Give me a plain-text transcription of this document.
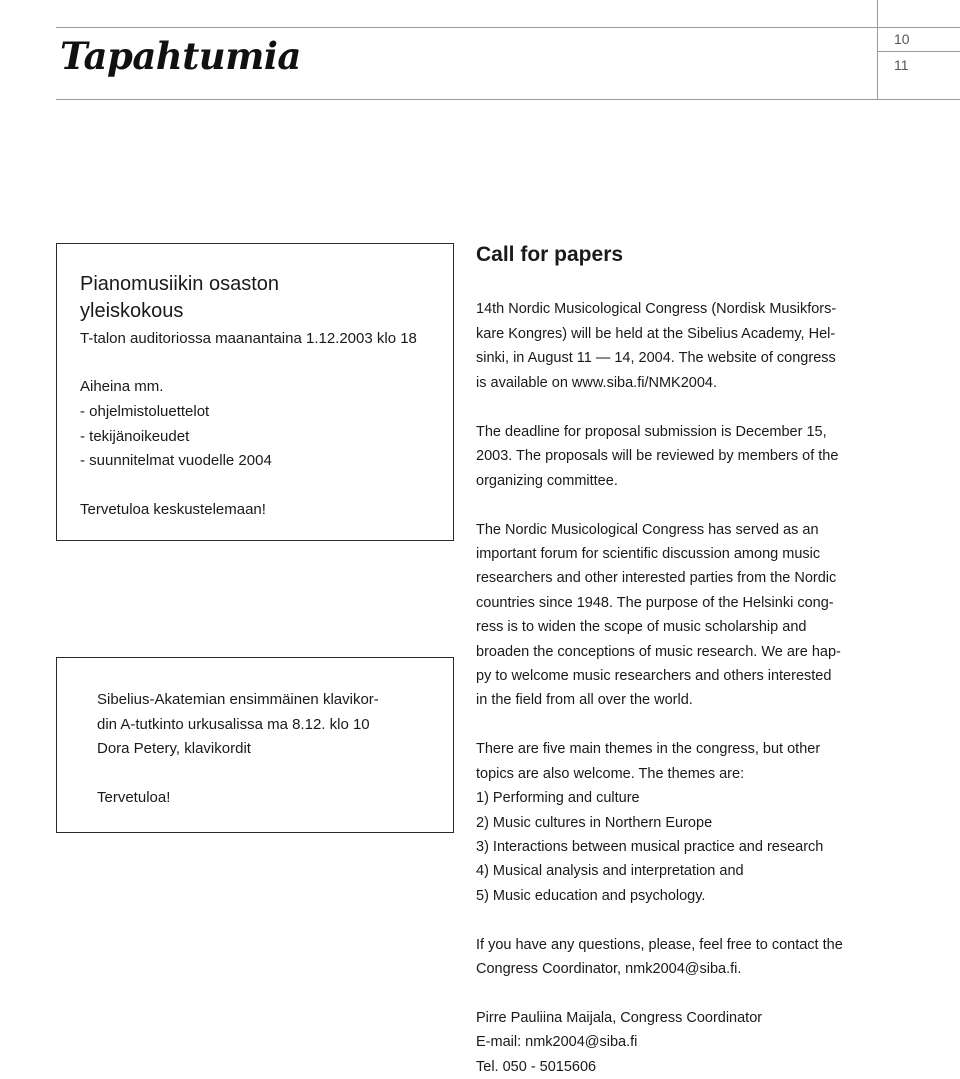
Tapahtumia	10
11
Pianomusiikin osaston
yleiskokous
T-talon auditoriossa maanantaina 1.12.2003 klo 18
Aiheina mm.
- ohjelmistoluettelot
- tekijänoikeudet
- suunnitelmat vuodelle 2004
Tervetuloa keskustelemaan!
Sibelius-Akatemian ensimmäinen klavikor-
din A-tutkinto urkusalissa ma 8.12. klo 10
Dora Petery, klavikordit
Tervetuloa!
Call for papers
14th Nordic Musicological Congress (Nordisk Musikfors-
kare Kongres) will be held at the Sibelius Academy, Hel-
sinki, in August 11 — 14, 2004. The website of congress
is available on www.siba.fi/NMK2004.
The deadline for proposal submission is December 15,
2003. The proposals will be reviewed by members of the
organizing committee.
The Nordic Musicological Congress has served as an
important forum for scientific discussion among music
researchers and other interested parties from the Nordic
countries since 1948. The purpose of the Helsinki cong-
ress is to widen the scope of music scholarship and
broaden the conceptions of music research. We are hap-
py to welcome music researchers and others interested
in the field from all over the world.
There are five main themes in the congress, but other
topics are also welcome. The themes are:
1) Performing and culture
2) Music cultures in Northern Europe
3) Interactions between musical practice and research
4) Musical analysis and interpretation and
5) Music education and psychology.
If you have any questions, please, feel free to contact the
Congress Coordinator, nmk2004@siba.fi.
Pirre Pauliina Maijala, Congress Coordinator
E-mail: nmk2004@siba.fi
Tel. 050 - 5015606
